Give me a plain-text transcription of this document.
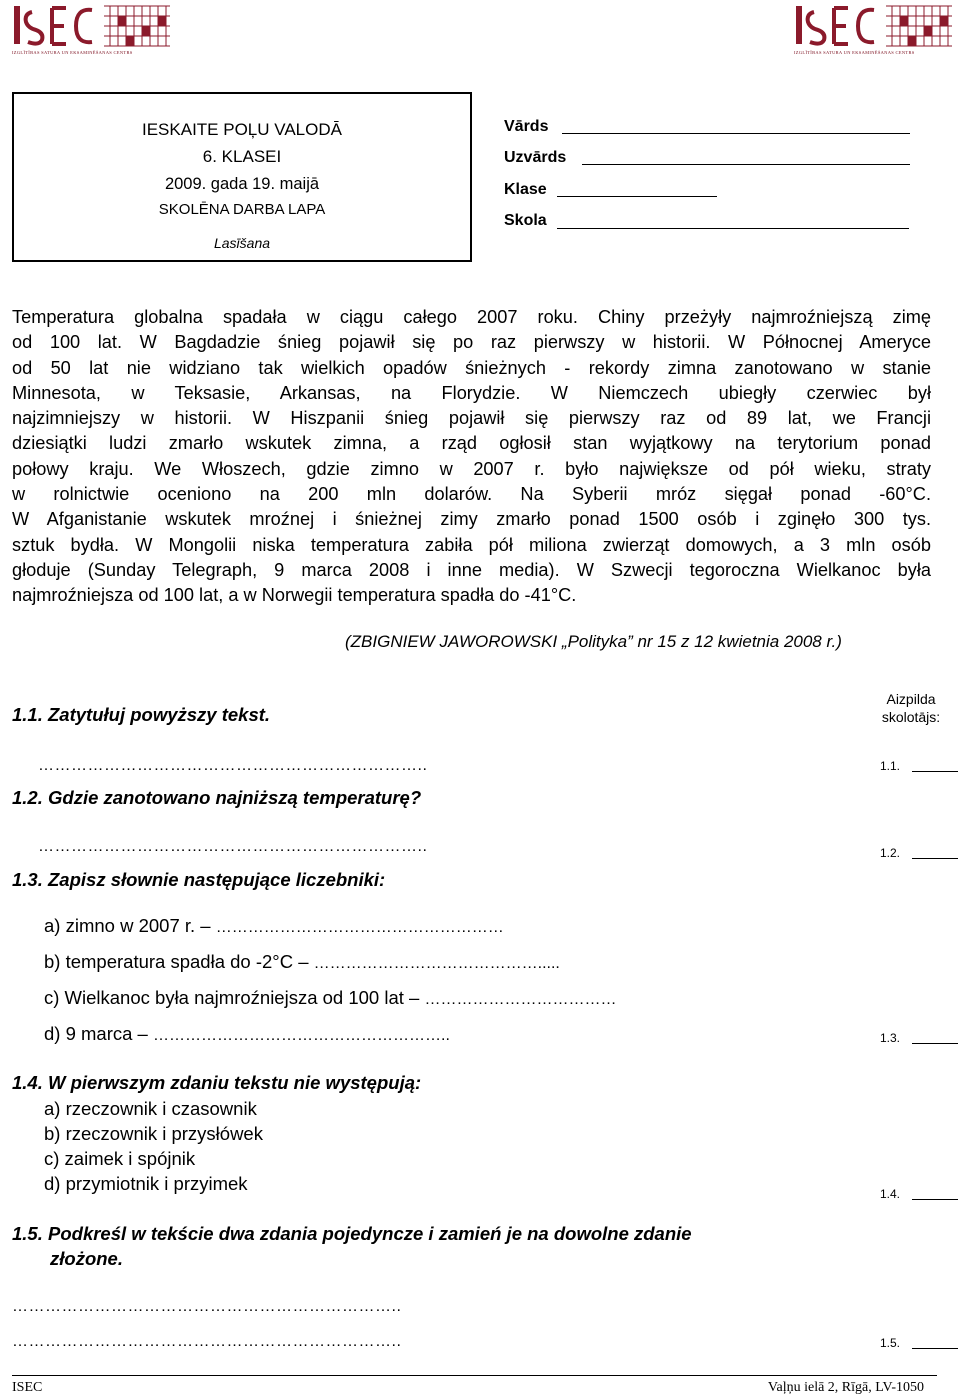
IZGLĪTĪBAS SATURA UN EKSAMINĒŠANAS CENTRS	IZGLĪTĪBAS SATURA UN EKSAMINĒŠANAS CENTRS
IESKAITE POĻU VALODĀ
6. KLASEI
2009. gada 19. maijā
SKOLĒNA DARBA LAPA
Lasīšana
Vārds
Uzvārds
Klase
Skola
Temperatura globalna spadała w ciągu całego 2007 roku. Chiny przeżyły najmroźniejszą zimę
od 100 lat. W Bagdadzie śnieg pojawił się po raz pierwszy w historii. W Północnej Ameryce
od 50 lat nie widziano tak wielkich opadów śnieżnych - rekordy zimna zanotowano w stanie
Minnesota, w Teksasie, Arkansas, na Florydzie. W Niemczech ubiegły czerwiec był
najzimniejszy w historii. W Hiszpanii śnieg pojawił się pierwszy raz od 89 lat, we Francji
dziesiątki ludzi zmarło wskutek zimna, a rząd ogłosił stan wyjątkowy na terytorium ponad
połowy kraju. We Włoszech, gdzie zimno w 2007 r. było największe od pół wieku, straty
w rolnictwie oceniono na 200 mln dolarów. Na Syberii mróz sięgał ponad -60°C.
W Afganistanie wskutek mroźnej i śnieżnej zimy zmarło ponad 1500 osób i zginęło 300 tys.
sztuk bydła. W Mongolii niska temperatura zabiła pół miliona zwierząt domowych, a 3 mln osób
głoduje (Sunday Telegraph, 9 marca 2008 i inne media). W Szwecji tegoroczna Wielkanoc była
najmroźniejsza od 100 lat, a w Norwegii temperatura spadła do -41°C.
(ZBIGNIEW JAWOROWSKI „Polityka” nr 15 z 12 kwietnia 2008 r.)
Aizpilda
skolotājs:
1.1. Zatytułuj powyższy tekst.
……………………………………………………………..
1.2. Gdzie zanotowano najniższą temperaturę?
……………………………………………………………..
1.3. Zapisz słownie następujące liczebniki:
a) zimno w 2007 r. – ………………………………………………
b) temperatura spadła do -2°C – …………………………………….....
c) Wielkanoc była najmroźniejsza od 100 lat – ………………………………
d) 9 marca – ………………………………………………..
1.4. W pierwszym zdaniu tekstu nie występują:
a) rzeczownik i czasownik
b) rzeczownik i przysłówek
c) zaimek i spójnik
d) przymiotnik i przyimek
1.5. Podkreśl w tekście dwa zdania pojedyncze i zamień je na dowolne zdanie
złożone.
……………………………………………………………..
……………………………………………………………..
1.1.
1.2.
1.3.
1.4.
1.5.
ISEC	Vaļņu ielā 2, Rīgā, LV-1050
